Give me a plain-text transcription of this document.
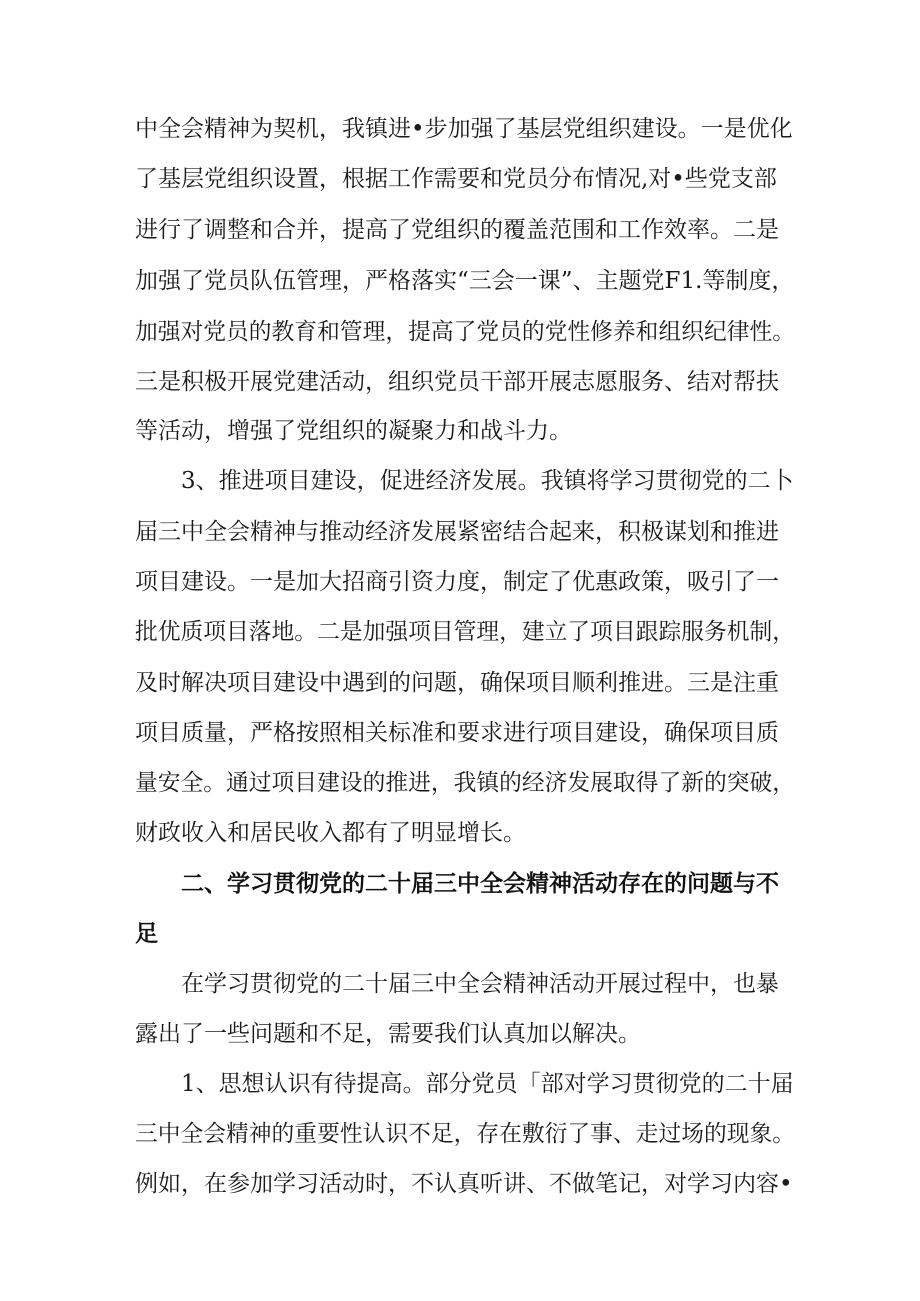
中全会精神为契机，我镇进•步加强了基层党组织建设。一是优化
了基层党组织设置，根据工作需要和党员分布情况,对•些党支部
进行了调整和合并，提高了党组织的覆盖范围和工作效率。二是
加强了党员队伍管理，严格落实“三会一课”、主题党F1.等制度，
加强对党员的教育和管理，提高了党员的党性修养和组织纪律性。
三是积极开展党建活动，组织党员干部开展志愿服务、结对帮扶
等活动，增强了党组织的凝聚力和战斗力。
3、推进项目建设，促进经济发展。我镇将学习贯彻党的二卜
届三中全会精神与推动经济发展紧密结合起来，积极谋划和推进
项目建设。一是加大招商引资力度，制定了优惠政策，吸引了一
批优质项目落地。二是加强项目管理，建立了项目跟踪服务机制，
及时解决项目建设中遇到的问题，确保项目顺利推进。三是注重
项目质量，严格按照相关标准和要求进行项目建设，确保项目质
量安全。通过项目建设的推进，我镇的经济发展取得了新的突破，
财政收入和居民收入都有了明显增长。
二、学习贯彻党的二十届三中全会精神活动存在的问题与不
足
在学习贯彻党的二十届三中全会精神活动开展过程中，也暴
露出了一些问题和不足，需要我们认真加以解决。
1、思想认识有待提高。部分党员「部对学习贯彻党的二十届
三中全会精神的重要性认识不足，存在敷衍了事、走过场的现象。
例如，在参加学习活动时，不认真听讲、不做笔记，对学习内容•
